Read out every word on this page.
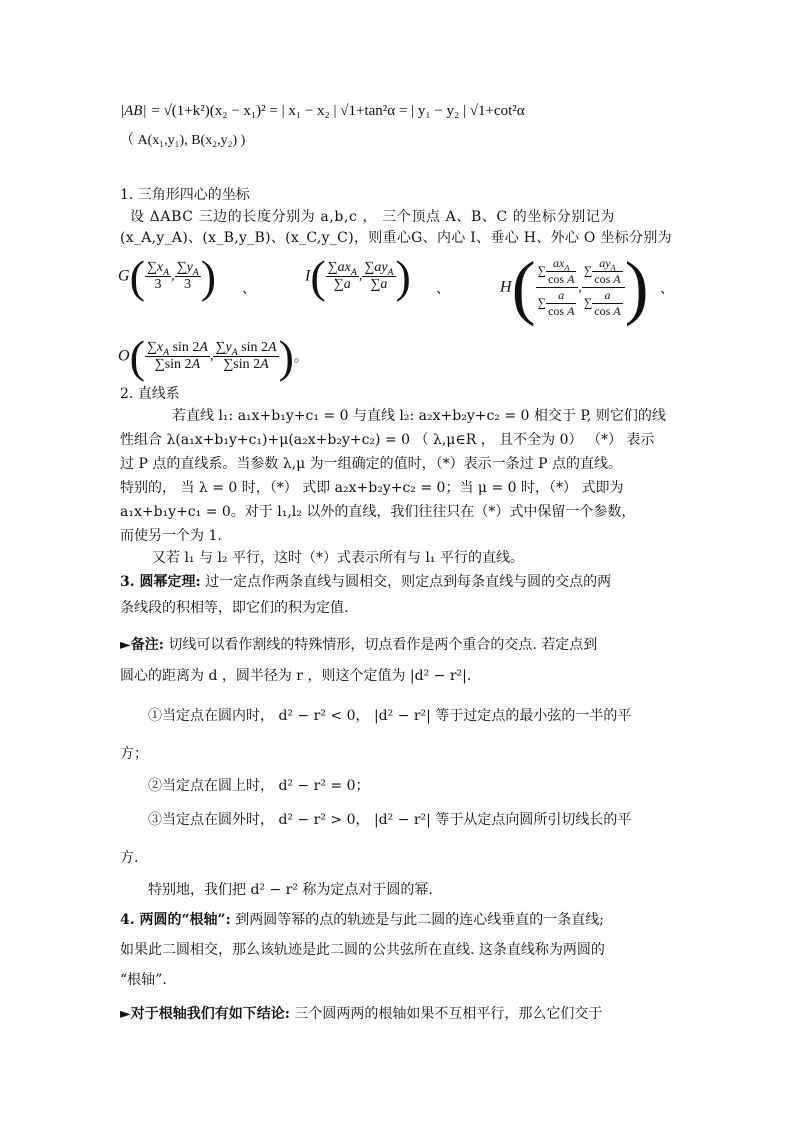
|AB| = √(1+k²)(x₂ − x₁)² = | x₁ − x₂ | √1+tan²α = | y₁ − y₂ | √1+cot²α
（ A(x₁,y₁), B(x₂,y₂) )
1. 三角形四心的坐标
设 ΔABC 三边的长度分别为 a,b,c ， 三个顶点 A、B、C 的坐标分别记为
(x_A,y_A)、(x_B,y_B)、(x_C,y_C)，则重心G、内心 I、垂心 H、外心 O 坐标分别为
$G( \frac{\sum x_A}{3}$ , $\frac{\sum y_A}{3}$ ) 、
$I( \frac{\sum ax_A}{\sum a}$ , $\frac{\sum ay_A}{\sum a}$ ) 、	$H( \frac{\sum \frac{ax_A}{\text{cos A}}}{\sum \frac{a}{\text{cos A}}}$ , $\frac{\sum \frac{ay_A}{\text{cos A}}}{\sum \frac{a}{\text{cos A}}}$ ) 、
$O( \frac{\sum x_A \sin 2A}{\sum\sin 2A}$ , $\frac{\sum y_A \sin 2A}{\sum\sin 2A}$ )。
2. 直线系
若直线 l₁: a₁x+b₁y+c₁ = 0 与直线 l₂: a₂x+b₂y+c₂ = 0 相交于 P, 则它们的线
性组合 λ(a₁x+b₁y+c₁)+μ(a₂x+b₂y+c₂) = 0 （ λ,μ∈R ， 且不全为 0） （*） 表示
过 P 点的直线系。当参数 λ,μ 为一组确定的值时，（*）表示一条过 P 点的直线。
特别的， 当 λ = 0 时，（*） 式即 a₂x+b₂y+c₂ = 0；当 μ = 0 时，（*） 式即为
a₁x+b₁y+c₁ = 0。对于 l₁,l₂ 以外的直线，我们往往只在（*）式中保留一个参数，
而使另一个为 1.
又若 l₁ 与 l₂ 平行，这时（*）式表示所有与 l₁ 平行的直线。
3. 圆幂定理: 过一定点作两条直线与圆相交，则定点到每条直线与圆的交点的两
条线段的积相等，即它们的积为定值.
►备注: 切线可以看作割线的特殊情形，切点看作是两个重合的交点. 若定点到
圆心的距离为 d ，圆半径为 r ，则这个定值为 |d² − r²|.
①当定点在圆内时， d² − r² < 0， |d² − r²| 等于过定点的最小弦的一半的平
方；
②当定点在圆上时， d² − r² = 0；
③当定点在圆外时， d² − r² > 0， |d² − r²| 等于从定点向圆所引切线长的平
方.
特别地，我们把 d² − r² 称为定点对于圆的幂.
4. 两圆的“根轴”: 到两圆等幂的点的轨迹是与此二圆的连心线垂直的一条直线;
如果此二圆相交，那么该轨迹是此二圆的公共弦所在直线. 这条直线称为两圆的
“根轴”.
►对于根轴我们有如下结论: 三个圆两两的根轴如果不互相平行，那么它们交于
